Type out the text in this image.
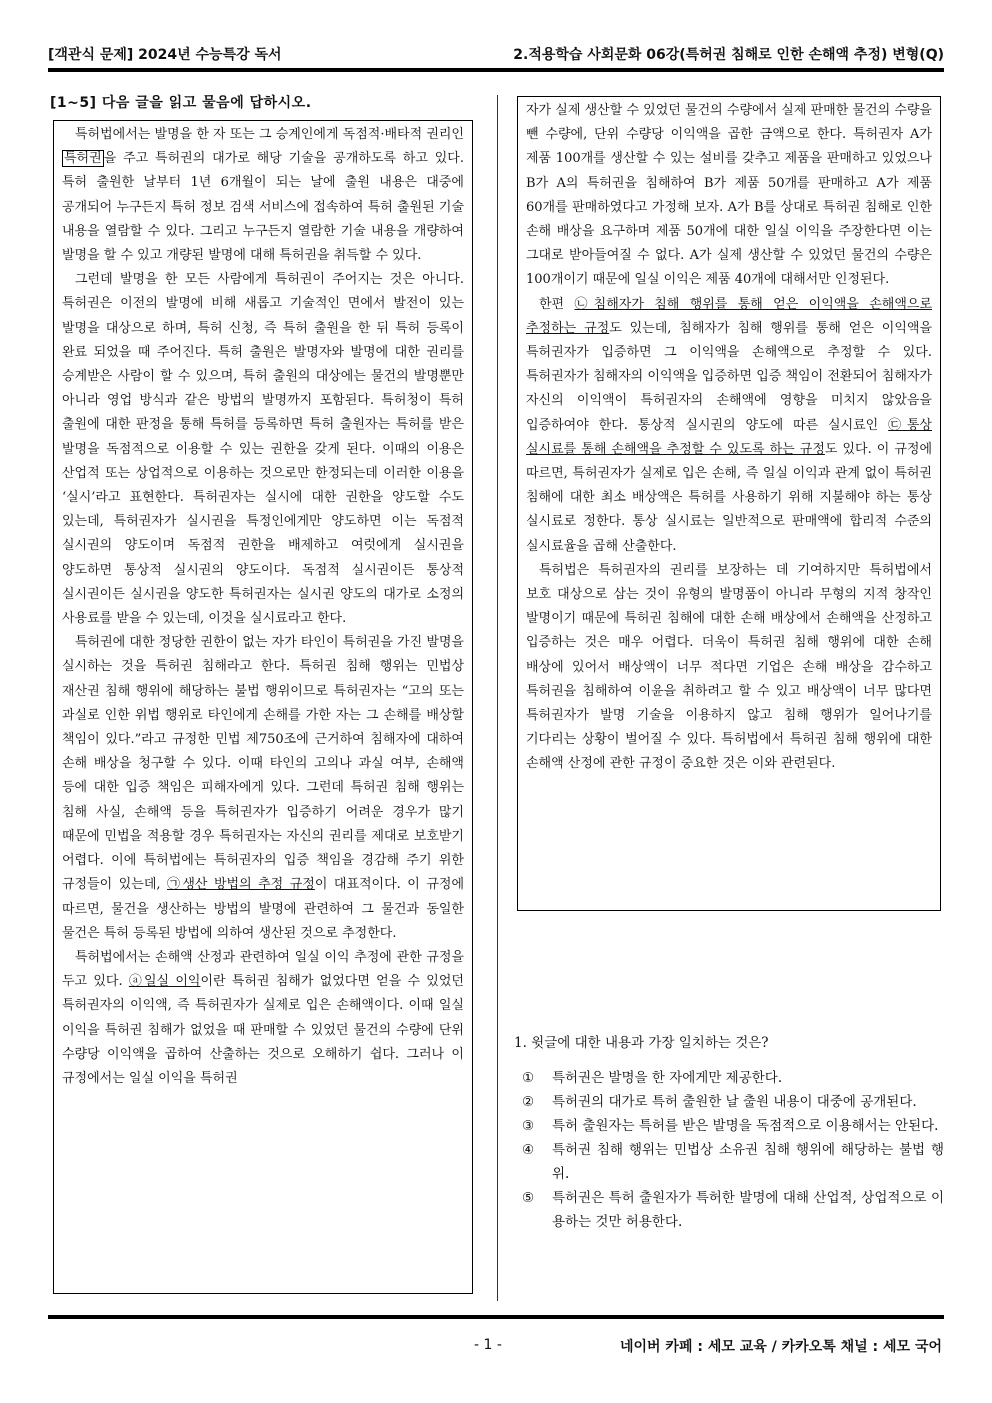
[객관식 문제] 2024년 수능특강 독서	2.적용학습 사회문화 06강(특허권 침해로 인한 손해액 추정) 변형(Q)
[1~5] 다음 글을 읽고 물음에 답하시오.

특허법에서는 발명을 한 자 또는 그 승계인에게 독점적·배타적 권리인 특허권 을 주고 특허권의 대가로 해당 기술을 공개하도록 하고 있다. 특허 출원한 날부터 1년 6개월이 되는 날에 출원 내용은 대중에 공개되어 누구든지 특허 정보 검색 서비스에 접속하여 특허 출원된 기술 내용을 열람할 수 있다. 그리고 누구든지 열람한 기술 내용을 개량하여 발명을 할 수 있고 개량된 발명에 대해 특허권을 취득할 수 있다.

그런데 발명을 한 모든 사람에게 특허권이 주어지는 것은 아니다. 특허권은 이전의 발명에 비해 새롭고 기술적인 면에서 발전이 있는 발명을 대상으로 하며, 특허 신청, 즉 특허 출원을 한 뒤 특허 등록이 완료 되었을 때 주어진다. 특허 출원은 발명자와 발명에 대한 권리를 승계받은 사람이 할 수 있으며, 특허 출원의 대상에는 물건의 발명뿐만 아니라 영업 방식과 같은 방법의 발명까지 포함된다. 특허청이 특허 출원에 대한 판정을 통해 특허를 등록하면 특허 출원자는 특허를 받은 발명을 독점적으로 이용할 수 있는 권한을 갖게 된다. 이때의 이용은 산업적 또는 상업적으로 이용하는 것으로만 한정되는데 이러한 이용을 ‘실시’라고 표현한다. 특허권자는 실시에 대한 권한을 양도할 수도 있는데, 특허권자가 실시권을 특정인에게만 양도하면 이는 독점적 실시권의 양도이며 독점적 권한을 배제하고 여럿에게 실시권을 양도하면 통상적 실시권의 양도이다. 독점적 실시권이든 통상적 실시권이든 실시권을 양도한 특허권자는 실시권 양도의 대가로 소정의 사용료를 받을 수 있는데, 이것을 실시료라고 한다.

특허권에 대한 정당한 권한이 없는 자가 타인이 특허권을 가진 발명을 실시하는 것을 특허권 침해라고 한다. 특허권 침해 행위는 민법상 재산권 침해 행위에 해당하는 불법 행위이므로 특허권자는 “고의 또는 과실로 인한 위법 행위로 타인에게 손해를 가한 자는 그 손해를 배상할 책임이 있다.”라고 규정한 민법 제750조에 근거하여 침해자에 대하여 손해 배상을 청구할 수 있다. 이때 타인의 고의나 과실 여부, 손해액 등에 대한 입증 책임은 피해자에게 있다. 그런데 특허권 침해 행위는 침해 사실, 손해액 등을 특허권자가 입증하기 어려운 경우가 많기 때문에 민법을 적용할 경우 특허권자는 자신의 권리를 제대로 보호받기 어렵다. 이에 특허법에는 특허권자의 입증 책임을 경감해 주기 위한 규정들이 있는데, ㉠생산 방법의 추정 규정이 대표적이다. 이 규정에 따르면, 물건을 생산하는 방법의 발명에 관련하여 그 물건과 동일한 물건은 특허 등록된 방법에 의하여 생산된 것으로 추정한다.

특허법에서는 손해액 산정과 관련하여 일실 이익 추정에 관한 규정을 두고 있다. ⓐ일실 이익이란 특허권 침해가 없었다면 얻을 수 있었던 특허권자의 이익액, 즉 특허권자가 실제로 입은 손해액이다. 이때 일실 이익을 특허권 침해가 없었을 때 판매할 수 있었던 물건의 수량에 단위 수량당 이익액을 곱하여 산출하는 것으로 오해하기 쉽다. 그러나 이 규정에서는 일실 이익을 특허권

자가 실제 생산할 수 있었던 물건의 수량에서 실제 판매한 물건의 수량을 뺀 수량에, 단위 수량당 이익액을 곱한 금액으로 한다. 특허권자 A가 제품 100개를 생산할 수 있는 설비를 갖추고 제품을 판매하고 있었으나 B가 A의 특허권을 침해하여 B가 제품 50개를 판매하고 A가 제품 60개를 판매하였다고 가정해 보자. A가 B를 상대로 특허권 침해로 인한 손해 배상을 요구하며 제품 50개에 대한 일실 이익을 주장한다면 이는 그대로 받아들여질 수 없다. A가 실제 생산할 수 있었던 물건의 수량은 100개이기 때문에 일실 이익은 제품 40개에 대해서만 인정된다.

한편 ㉡침해자가 침해 행위를 통해 얻은 이익액을 손해액으로 추정하는 규정도 있는데, 침해자가 침해 행위를 통해 얻은 이익액을 특허권자가 입증하면 그 이익액을 손해액으로 추정할 수 있다. 특허권자가 침해자의 이익액을 입증하면 입증 책임이 전환되어 침해자가 자신의 이익액이 특허권자의 손해액에 영향을 미치지 않았음을 입증하여야 한다. 통상적 실시권의 양도에 따른 실시료인 ㉢통상 실시료를 통해 손해액을 추정할 수 있도록 하는 규정도 있다. 이 규정에 따르면, 특허권자가 실제로 입은 손해, 즉 일실 이익과 관계 없이 특허권 침해에 대한 최소 배상액은 특허를 사용하기 위해 지불해야 하는 통상 실시료로 정한다. 통상 실시료는 일반적으로 판매액에 합리적 수준의 실시료율을 곱해 산출한다.

특허법은 특허권자의 권리를 보장하는 데 기여하지만 특허법에서 보호 대상으로 삼는 것이 유형의 발명품이 아니라 무형의 지적 창작인 발명이기 때문에 특허권 침해에 대한 손해 배상에서 손해액을 산정하고 입증하는 것은 매우 어렵다. 더욱이 특허권 침해 행위에 대한 손해 배상에 있어서 배상액이 너무 적다면 기업은 손해 배상을 감수하고 특허권을 침해하여 이윤을 취하려고 할 수 있고 배상액이 너무 많다면 특허권자가 발명 기술을 이용하지 않고 침해 행위가 일어나기를 기다리는 상황이 벌어질 수 있다. 특허법에서 특허권 침해 행위에 대한 손해액 산정에 관한 규정이 중요한 것은 이와 관련된다.

1. 윗글에 대한 내용과 가장 일치하는 것은?

①	특허권은 발명을 한 자에게만 제공한다.
②	특허권의 대가로 특허 출원한 날 출원 내용이 대중에 공개된다.
③	특허 출원자는 특허를 받은 발명을 독점적으로 이용해서는 안된다.
④	특허권 침해 행위는 민법상 소유권 침해 행위에 해당하는 불법 행위.
⑤	특허권은 특허 출원자가 특허한 발명에 대해 산업적, 상업적으로 이용하는 것만 허용한다.
- 1 -	네이버 카페 : 세모 교육 / 카카오톡 채널 : 세모 국어
